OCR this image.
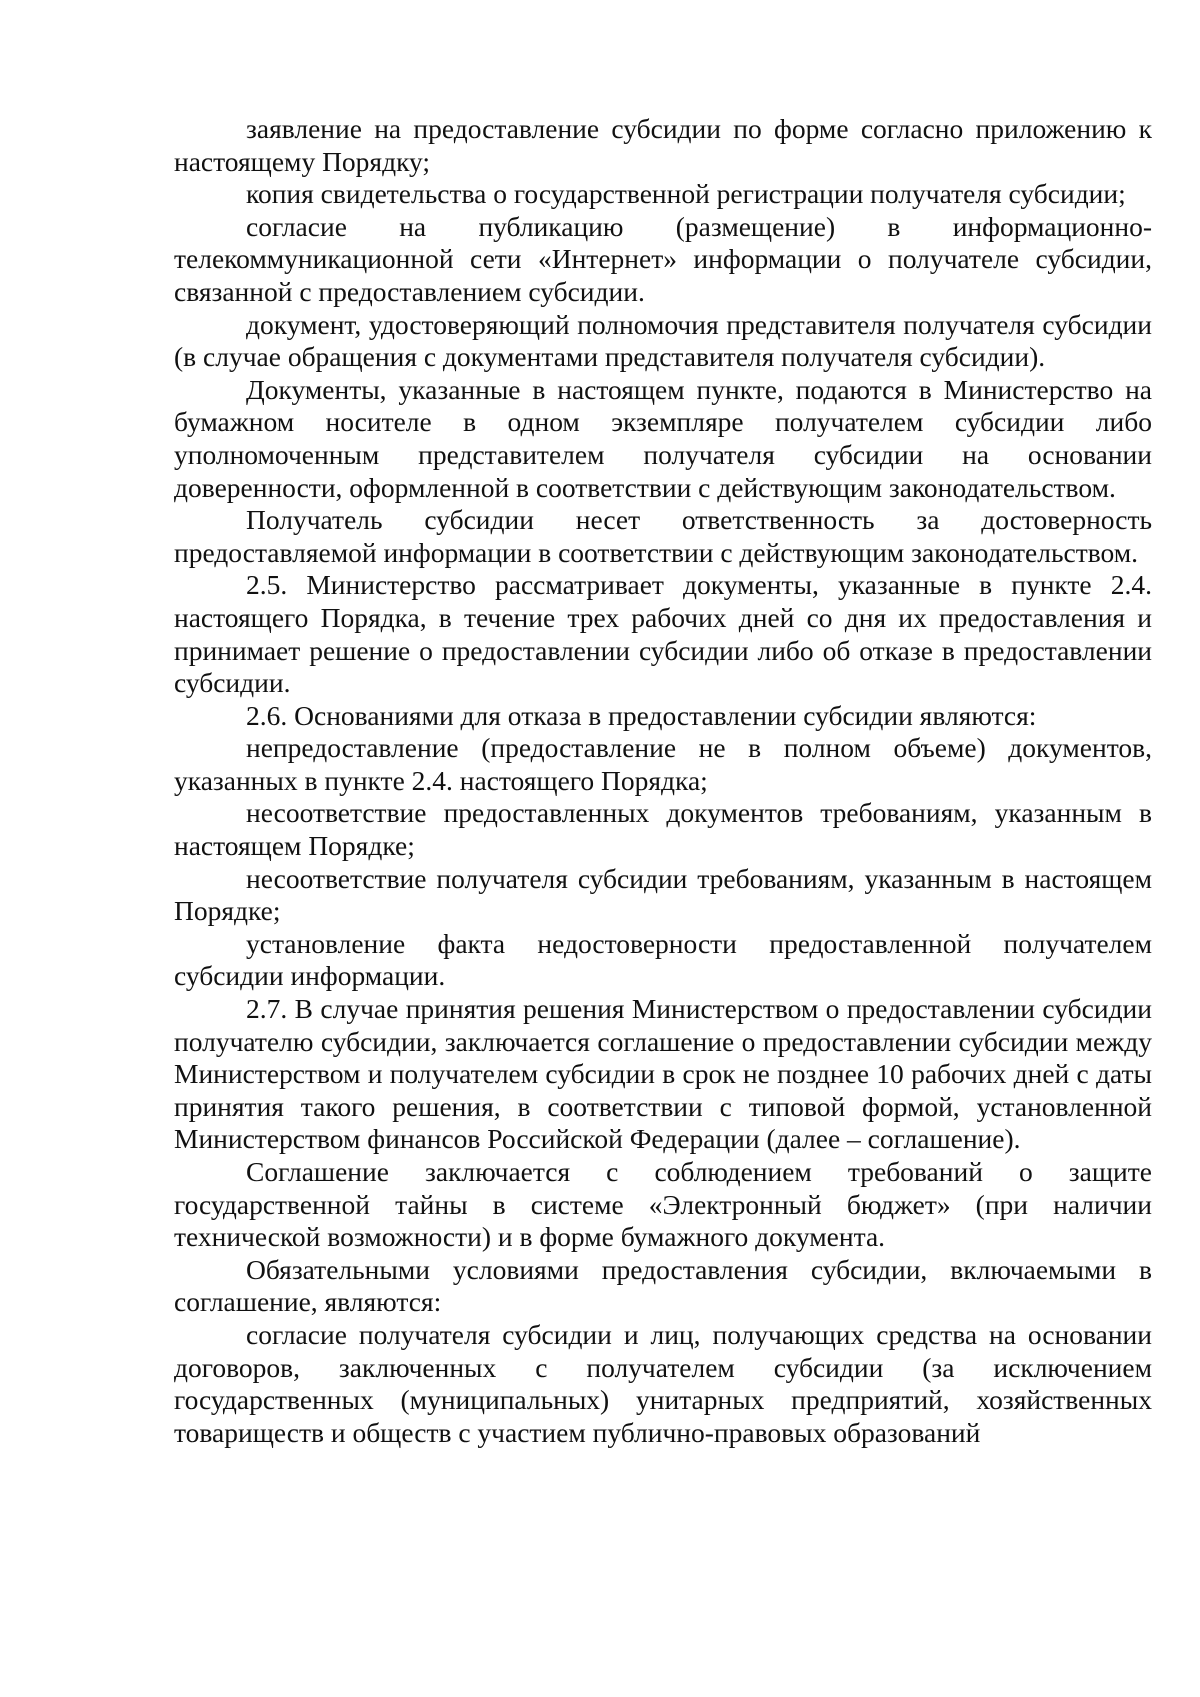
заявление на предоставление субсидии по форме согласно приложению к настоящему Порядку;

копия свидетельства о государственной регистрации получателя субсидии;

согласие на публикацию (размещение) в информационно-телекоммуникационной сети «Интернет» информации о получателе субсидии, связанной с предоставлением субсидии.

документ, удостоверяющий полномочия представителя получателя субсидии (в случае обращения с документами представителя получателя субсидии).

Документы, указанные в настоящем пункте, подаются в Министерство на бумажном носителе в одном экземпляре получателем субсидии либо уполномоченным представителем получателя субсидии на основании доверенности, оформленной в соответствии с действующим законодательством.

Получатель субсидии несет ответственность за достоверность предоставляемой информации в соответствии с действующим законодательством.

2.5. Министерство рассматривает документы, указанные в пункте 2.4. настоящего Порядка, в течение трех рабочих дней со дня их предоставления и принимает решение о предоставлении субсидии либо об отказе в предоставлении субсидии.

2.6. Основаниями для отказа в предоставлении субсидии являются:

непредоставление (предоставление не в полном объеме) документов, указанных в пункте 2.4. настоящего Порядка;

несоответствие предоставленных документов требованиям, указанным в настоящем Порядке;

несоответствие получателя субсидии требованиям, указанным в настоящем Порядке;

установление факта недостоверности предоставленной получателем субсидии информации.

2.7. В случае принятия решения Министерством о предоставлении субсидии получателю субсидии, заключается соглашение о предоставлении субсидии между Министерством и получателем субсидии в срок не позднее 10 рабочих дней с даты принятия такого решения, в соответствии с типовой формой, установленной Министерством финансов Российской Федерации (далее – соглашение).

Соглашение заключается с соблюдением требований о защите государственной тайны в системе «Электронный бюджет» (при наличии технической возможности) и в форме бумажного документа.

Обязательными условиями предоставления субсидии, включаемыми в соглашение, являются:

согласие получателя субсидии и лиц, получающих средства на основании договоров, заключенных с получателем субсидии (за исключением государственных (муниципальных) унитарных предприятий, хозяйственных товариществ и обществ с участием публично-правовых образований
